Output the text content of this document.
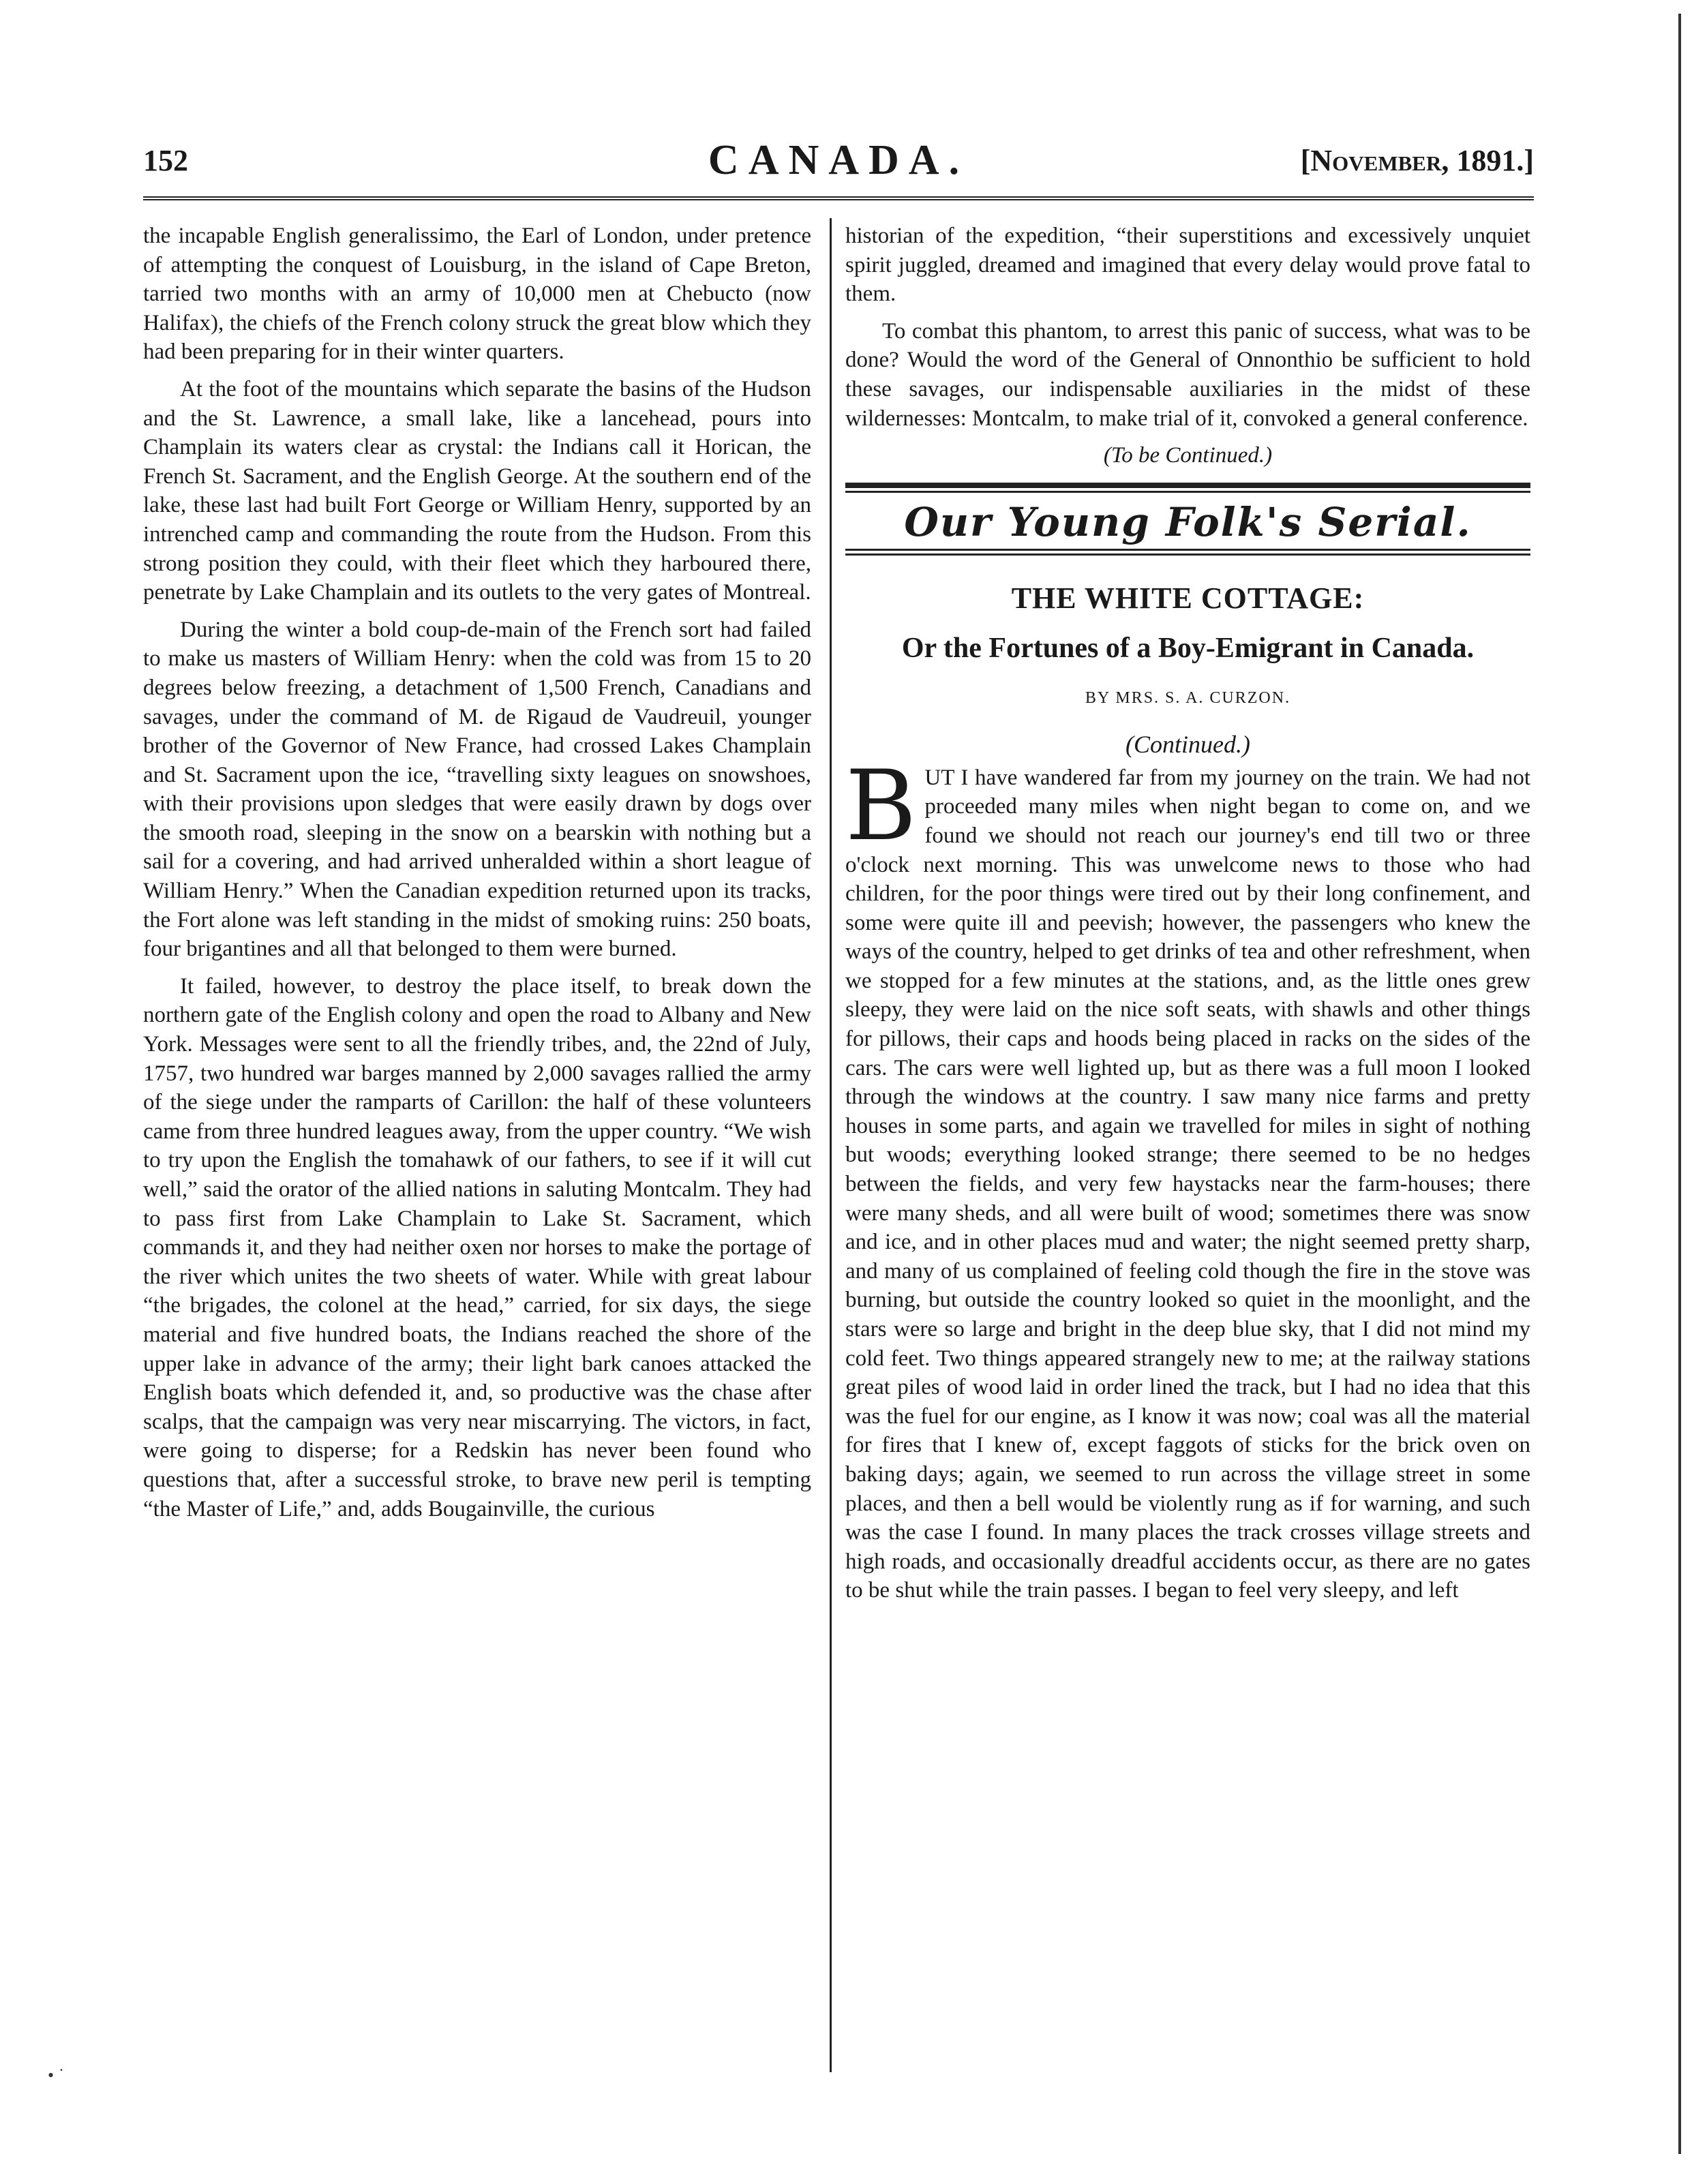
152	CANADA.	[November, 1891.]

the incapable English generalissimo, the Earl of London, under pretence of attempting the conquest of Louisburg, in the island of Cape Breton, tarried two months with an army of 10,000 men at Chebucto (now Halifax), the chiefs of the French colony struck the great blow which they had been preparing for in their winter quarters.

At the foot of the mountains which separate the basins of the Hudson and the St. Lawrence, a small lake, like a lancehead, pours into Champlain its waters clear as crystal: the Indians call it Horican, the French St. Sacrament, and the English George. At the southern end of the lake, these last had built Fort George or William Henry, supported by an intrenched camp and commanding the route from the Hudson. From this strong position they could, with their fleet which they harboured there, penetrate by Lake Champlain and its outlets to the very gates of Montreal.

During the winter a bold coup-de-main of the French sort had failed to make us masters of William Henry: when the cold was from 15 to 20 degrees below freezing, a detachment of 1,500 French, Canadians and savages, under the command of M. de Rigaud de Vaudreuil, younger brother of the Governor of New France, had crossed Lakes Champlain and St. Sacrament upon the ice, “travelling sixty leagues on snowshoes, with their provisions upon sledges that were easily drawn by dogs over the smooth road, sleeping in the snow on a bearskin with nothing but a sail for a covering, and had arrived unheralded within a short league of William Henry.” When the Canadian expedition returned upon its tracks, the Fort alone was left standing in the midst of smoking ruins: 250 boats, four brigantines and all that belonged to them were burned.

It failed, however, to destroy the place itself, to break down the northern gate of the English colony and open the road to Albany and New York. Messages were sent to all the friendly tribes, and, the 22nd of July, 1757, two hundred war barges manned by 2,000 savages rallied the army of the siege under the ramparts of Carillon: the half of these volunteers came from three hundred leagues away, from the upper country. “We wish to try upon the English the tomahawk of our fathers, to see if it will cut well,” said the orator of the allied nations in saluting Montcalm. They had to pass first from Lake Champlain to Lake St. Sacrament, which commands it, and they had neither oxen nor horses to make the portage of the river which unites the two sheets of water. While with great labour “the brigades, the colonel at the head,” carried, for six days, the siege material and five hundred boats, the Indians reached the shore of the upper lake in advance of the army; their light bark canoes attacked the English boats which defended it, and, so productive was the chase after scalps, that the campaign was very near miscarrying. The victors, in fact, were going to disperse; for a Redskin has never been found who questions that, after a successful stroke, to brave new peril is tempting “the Master of Life,” and, adds Bougainville, the curious

historian of the expedition, “their superstitions and excessively unquiet spirit juggled, dreamed and imagined that every delay would prove fatal to them.

To combat this phantom, to arrest this panic of success, what was to be done? Would the word of the General of Onnonthio be sufficient to hold these savages, our indispensable auxiliaries in the midst of these wildernesses: Montcalm, to make trial of it, convoked a general conference.

(To be Continued.)
Our Young Folk's Serial.
THE WHITE COTTAGE:
Or the Fortunes of a Boy-Emigrant in Canada.
BY MRS. S. A. CURZON.
(Continued.)

BUT I have wandered far from my journey on the train. We had not proceeded many miles when night began to come on, and we found we should not reach our journey's end till two or three o'clock next morning. This was unwelcome news to those who had children, for the poor things were tired out by their long confinement, and some were quite ill and peevish; however, the passengers who knew the ways of the country, helped to get drinks of tea and other refreshment, when we stopped for a few minutes at the stations, and, as the little ones grew sleepy, they were laid on the nice soft seats, with shawls and other things for pillows, their caps and hoods being placed in racks on the sides of the cars. The cars were well lighted up, but as there was a full moon I looked through the windows at the country. I saw many nice farms and pretty houses in some parts, and again we travelled for miles in sight of nothing but woods; everything looked strange; there seemed to be no hedges between the fields, and very few haystacks near the farm-houses; there were many sheds, and all were built of wood; sometimes there was snow and ice, and in other places mud and water; the night seemed pretty sharp, and many of us complained of feeling cold though the fire in the stove was burning, but outside the country looked so quiet in the moonlight, and the stars were so large and bright in the deep blue sky, that I did not mind my cold feet. Two things appeared strangely new to me; at the railway stations great piles of wood laid in order lined the track, but I had no idea that this was the fuel for our engine, as I know it was now; coal was all the material for fires that I knew of, except faggots of sticks for the brick oven on baking days; again, we seemed to run across the village street in some places, and then a bell would be violently rung as if for warning, and such was the case I found. In many places the track crosses village streets and high roads, and occasionally dreadful accidents occur, as there are no gates to be shut while the train passes. I began to feel very sleepy, and left

• ˙
